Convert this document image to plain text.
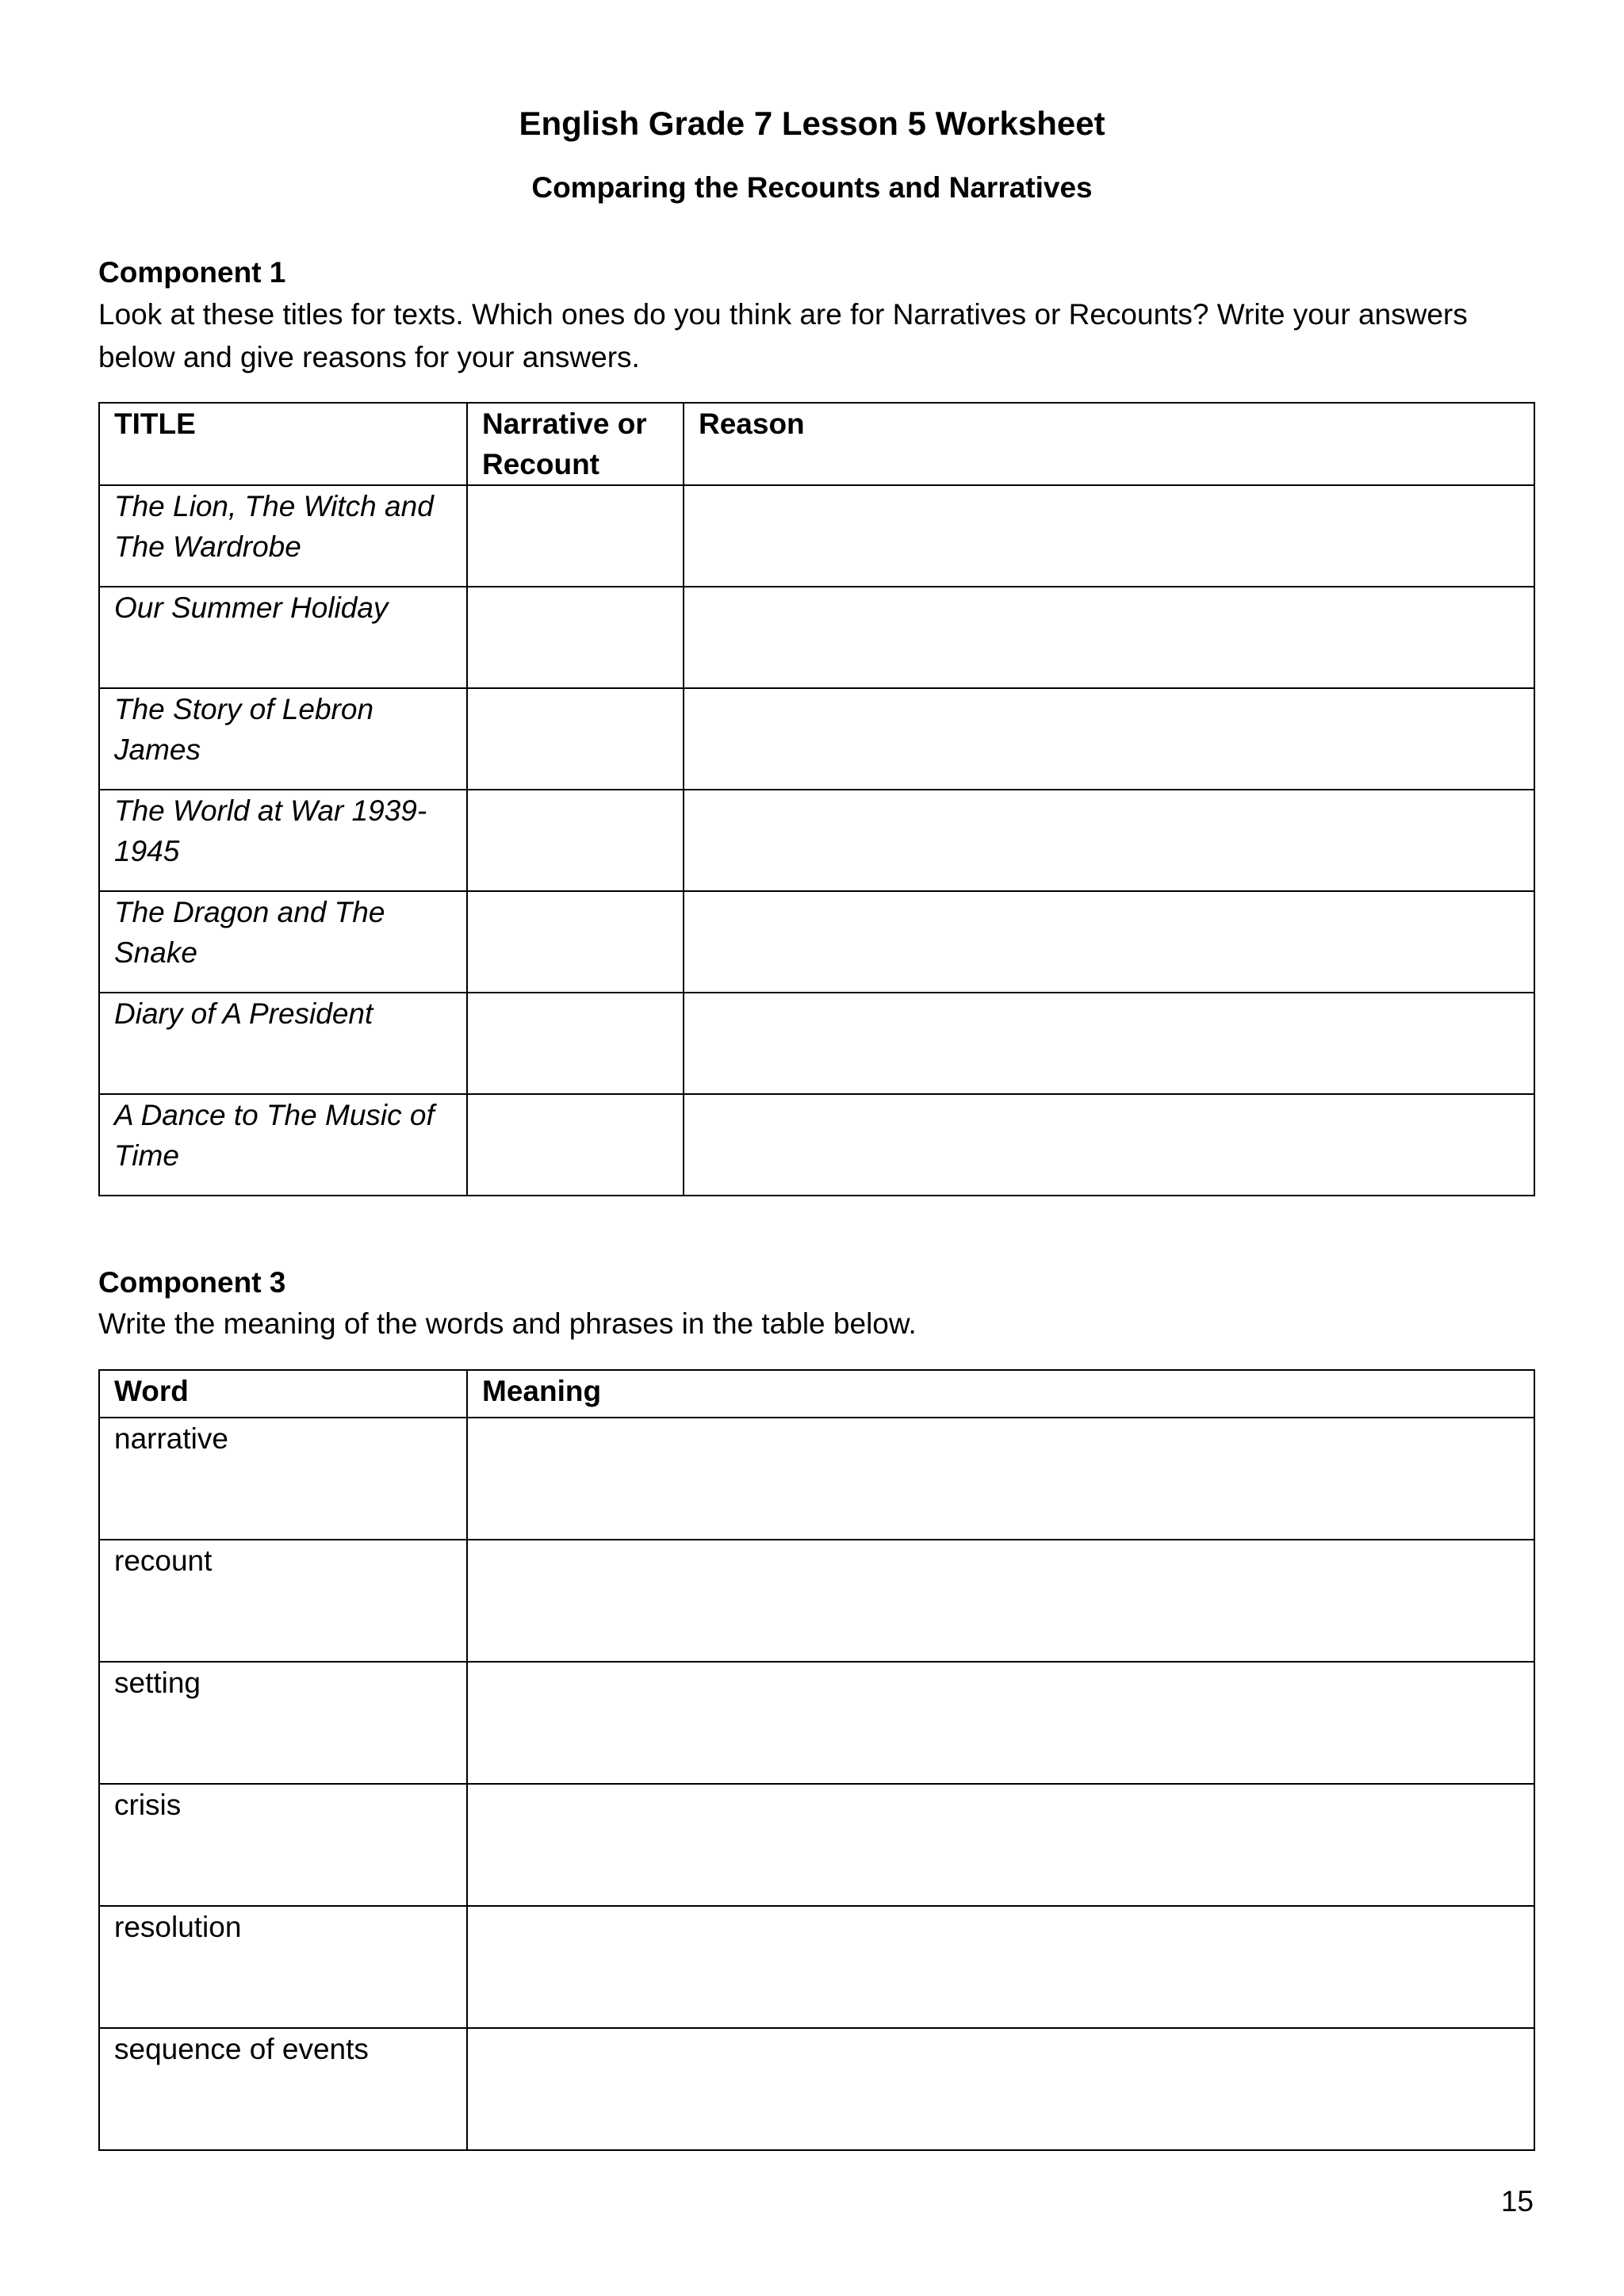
English Grade 7 Lesson 5 Worksheet
Comparing the Recounts and Narratives
Component 1
Look at these titles for texts. Which ones do you think are for Narratives or Recounts? Write your answers below and give reasons for your answers.
TITLE	Narrative or Recount	Reason
The Lion, The Witch and The Wardrobe		
Our Summer Holiday		
The Story of Lebron James		
The World at War 1939-1945		
The Dragon and The Snake		
Diary of A President		
A Dance to The Music of Time		
Component 3
Write the meaning of the words and phrases in the table below.
Word	Meaning
narrative	
recount	
setting	
crisis	
resolution	
sequence of events	
15
